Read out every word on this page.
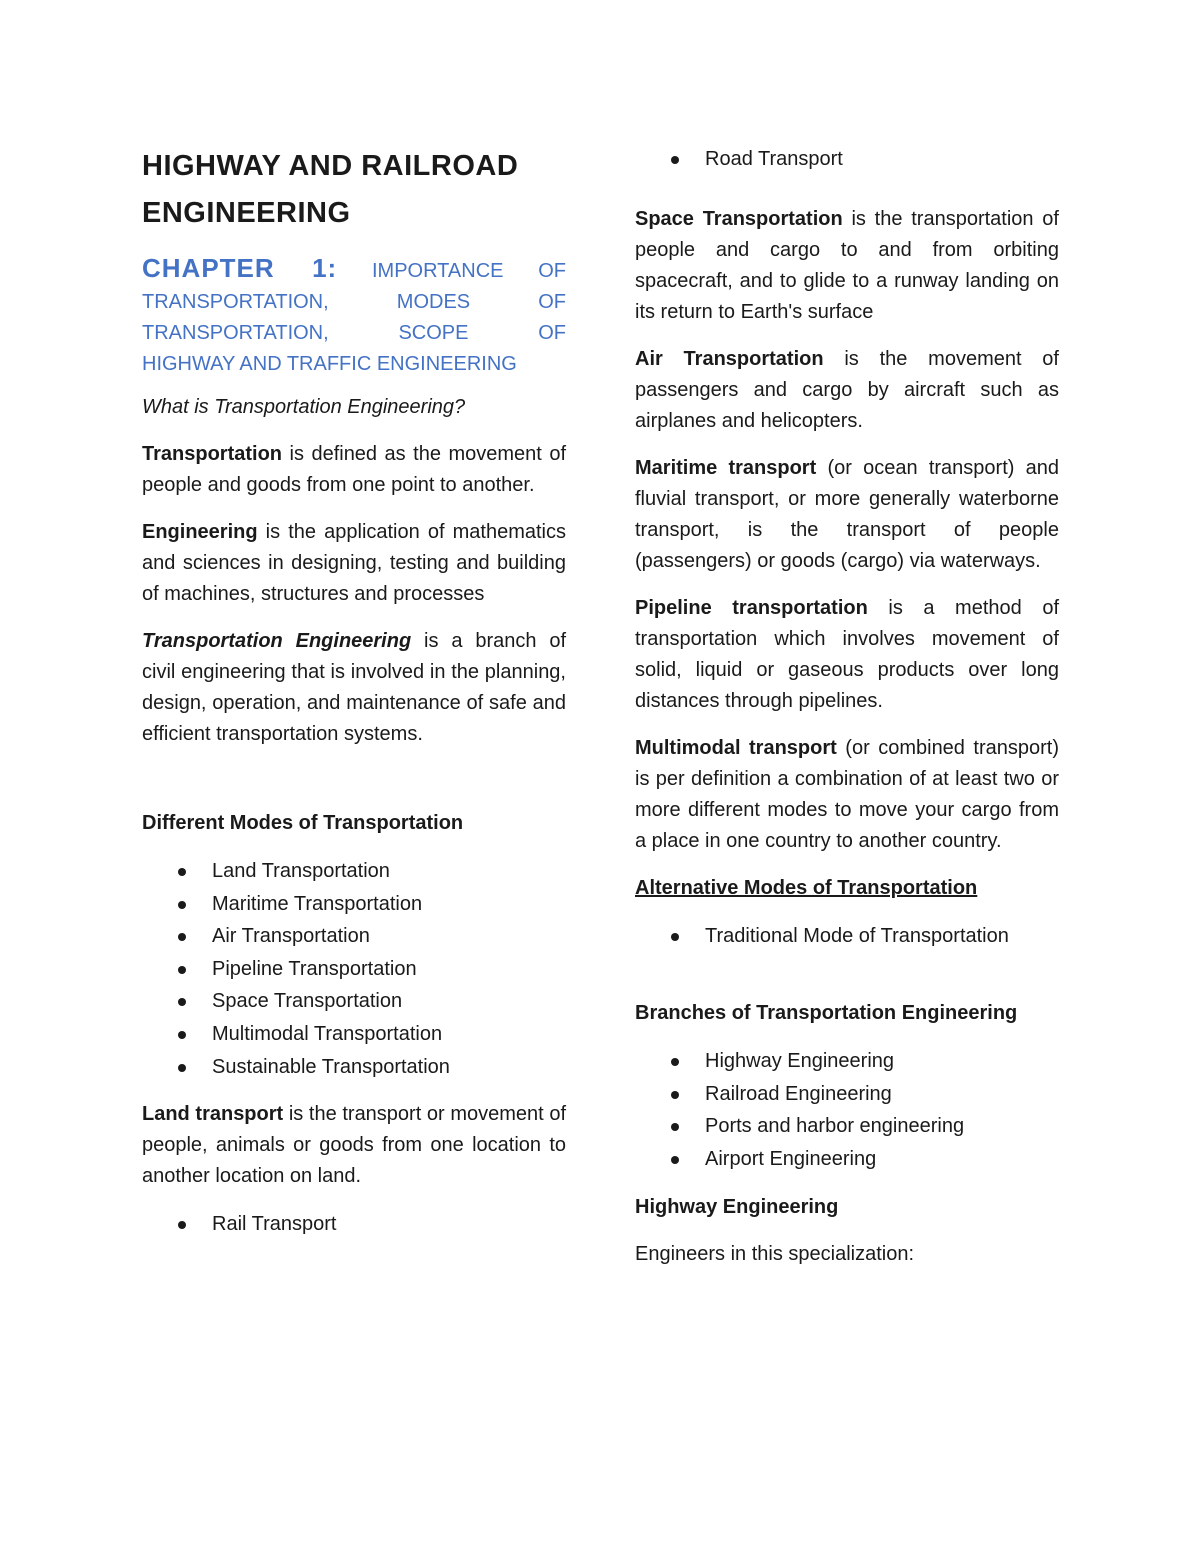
HIGHWAY AND RAILROAD ENGINEERING
CHAPTER 1: IMPORTANCE OF TRANSPORTATION, MODES OF TRANSPORTATION, SCOPE OF
HIGHWAY AND TRAFFIC ENGINEERING

What is Transportation Engineering?

Transportation is defined as the movement of people and goods from one point to another.

Engineering is the application of mathematics and sciences in designing, testing and building of machines, structures and processes

Transportation Engineering is a branch of civil engineering that is involved in the planning, design, operation, and maintenance of safe and efficient transportation systems.

Different Modes of Transportation
Land Transportation
Maritime Transportation
Air Transportation
Pipeline Transportation
Space Transportation
Multimodal Transportation
Sustainable Transportation

Land transport is the transport or movement of people, animals or goods from one location to another location on land.

Rail Transport
Road Transport

Space Transportation is the transportation of people and cargo to and from orbiting spacecraft, and to glide to a runway landing on its return to Earth's surface

Air Transportation is the movement of passengers and cargo by aircraft such as airplanes and helicopters.

Maritime transport (or ocean transport) and fluvial transport, or more generally waterborne transport, is the transport of people (passengers) or goods (cargo) via waterways.

Pipeline transportation is a method of transportation which involves movement of solid, liquid or gaseous products over long distances through pipelines.

Multimodal transport (or combined transport) is per definition a combination of at least two or more different modes to move your cargo from a place in one country to another country.

Alternative Modes of Transportation
Traditional Mode of Transportation
Branches of Transportation Engineering
Highway Engineering
Railroad Engineering
Ports and harbor engineering
Airport Engineering
Highway Engineering

Engineers in this specialization:
